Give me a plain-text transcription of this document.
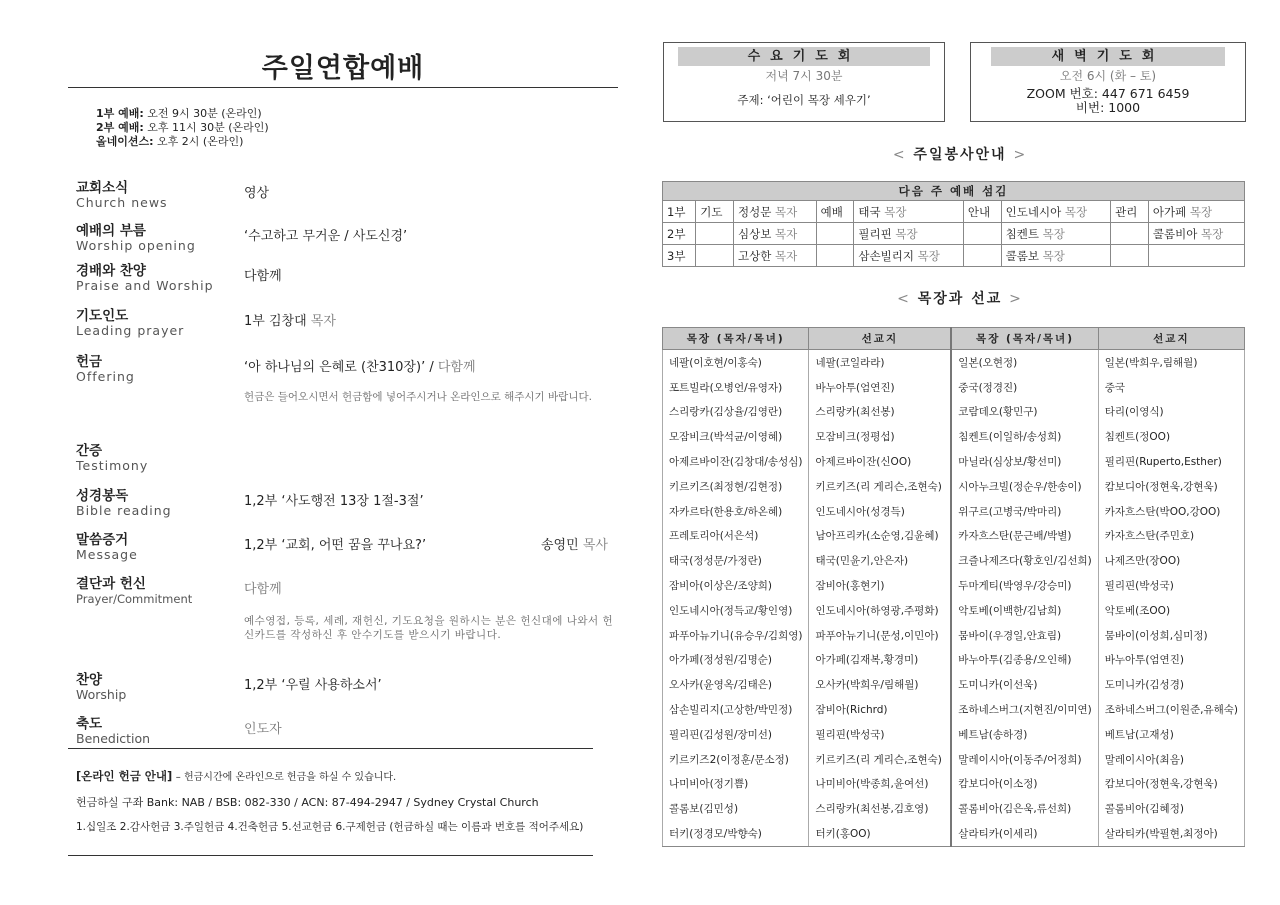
주일연합예배
1부 예배: 오전 9시 30분 (온라인)
2부 예배: 오후 11시 30분 (온라인)
올네이션스: 오후 2시 (온라인)
교회소식
Church news
영상
예배의 부름
Worship opening
‘수고하고 무거운 / 사도신경’
경배와 찬양
Praise and Worship
다함께
기도인도
Leading prayer
1부 김창대 목자
헌금
Offering
‘아 하나님의 은혜로 (찬310장)’ / 다함께
헌금은 들어오시면서 헌금함에 넣어주시거나 온라인으로 해주시기 바랍니다.
간증
Testimony
성경봉독
Bible reading
1,2부 ‘사도행전 13장 1절-3절’
말씀증거
Message
1,2부 ‘교회, 어떤 꿈을 꾸나요?’	송영민 목사
결단과 헌신
Prayer/Commitment
다함께
예수영접, 등록, 세례, 재헌신, 기도요청을 원하시는 분은 헌신대에 나와서 헌신카드를 작성하신 후 안수기도를 받으시기 바랍니다.
찬양
Worship
1,2부 ‘우릴 사용하소서’
축도
Benediction
인도자
[온라인 헌금 안내] – 헌금시간에 온라인으로 헌금을 하실 수 있습니다.
헌금하실 구좌 Bank: NAB / BSB: 082-330 / ACN: 87-494-2947 / Sydney Crystal Church
1.십일조 2.감사헌금 3.주일헌금 4.건축헌금 5.선교헌금 6.구제헌금 (헌금하실 때는 이름과 번호를 적어주세요)
수요기도회
저녁 7시 30분
주제: ‘어린이 목장 세우기’
새벽기도회
오전 6시 (화 – 토)
ZOOM 번호: 447 671 6459
비번: 1000
< 주일봉사안내 >
다음 주 예배 섬김								
1부	기도	정성문 목자	예배	태국 목장	안내	인도네시아 목장	관리	아가페 목장
2부		심상보 목자		필리핀 목장		침켄트 목장		콜롬비아 목장
3부		고상한 목자		삼손빌리지 목장		콜롬보 목장		
< 목장과 선교 >
목장 (목자/목녀)	선교지	목장 (목자/목녀)	선교지
네팔(이호현/이홍숙)	네팔(코일라라)	일본(오현정)	일본(박희우,림해월)
포트빌라(오병언/유영자)	바누아투(엄연진)	중국(정경진)	중국
스리랑카(김상율/김영란)	스리랑카(최선봉)	코람데오(황민구)	타리(이영식)
모잠비크(박석균/이영혜)	모잠비크(정평섭)	침켄트(이일하/송성희)	침켄트(정OO)
아제르바이잔(김창대/송성심)	아제르바이잔(신OO)	마닐라(심상보/황선미)	필리핀(Ruperto,Esther)
키르키즈(최정현/김현정)	키르키즈(리 게리슨,조현숙)	시아누크빌(정순우/한송이)	캄보디아(정현욱,강현욱)
자카르타(한용호/하온혜)	인도네시아(성경득)	위구르(고병국/박마리)	카자흐스탄(박OO,강OO)
프레토리아(서은석)	남아프리카(소순영,김윤혜)	카자흐스탄(문근배/박별)	카자흐스탄(주민호)
태국(정성문/가정란)	태국(민윤기,안은자)	크즐나제즈다(황호인/김선희)	나제즈만(장OO)
잠비아(이상은/조양희)	잠비아(홍현기)	두마게티(박영우/강승미)	필리핀(박성국)
인도네시아(정득교/황인영)	인도네시아(하영광,주평화)	악토베(이백한/김남희)	악토베(조OO)
파푸아뉴기니(유승우/김희영)	파푸아뉴기니(문성,이민아)	뭄바이(우경일,안효림)	뭄바이(이성희,심미정)
아가페(정성원/김명순)	아가페(김재복,황경미)	바누아투(김종용/오인해)	바누아투(엄연진)
오사카(윤영옥/김태은)	오사카(박희우/림해월)	도미니카(이선욱)	도미니카(김성경)
삼손빌리지(고상한/박민정)	잠비아(Richrd)	조하네스버그(지현진/이미연)	조하네스버그(이원준,유해숙)
필리핀(김성원/장미선)	필리핀(박성국)	베트남(송하경)	베트남(고재성)
키르키즈2(이정훈/문소정)	키르키즈(리 게리슨,조현숙)	말레이시아(이동주/어정희)	말레이시아(최음)
나미비아(정기쁨)	나미비아(박종희,윤여선)	캄보디아(이소정)	캄보디아(정현욱,강현욱)
콜롬보(김민성)	스리랑카(최선봉,김호영)	콜롬비아(김은욱,류선희)	콜롬비아(김혜정)
터키(정경모/박향숙)	터키(홍OO)	살라티카(이세리)	살라티카(박필현,최정아)
